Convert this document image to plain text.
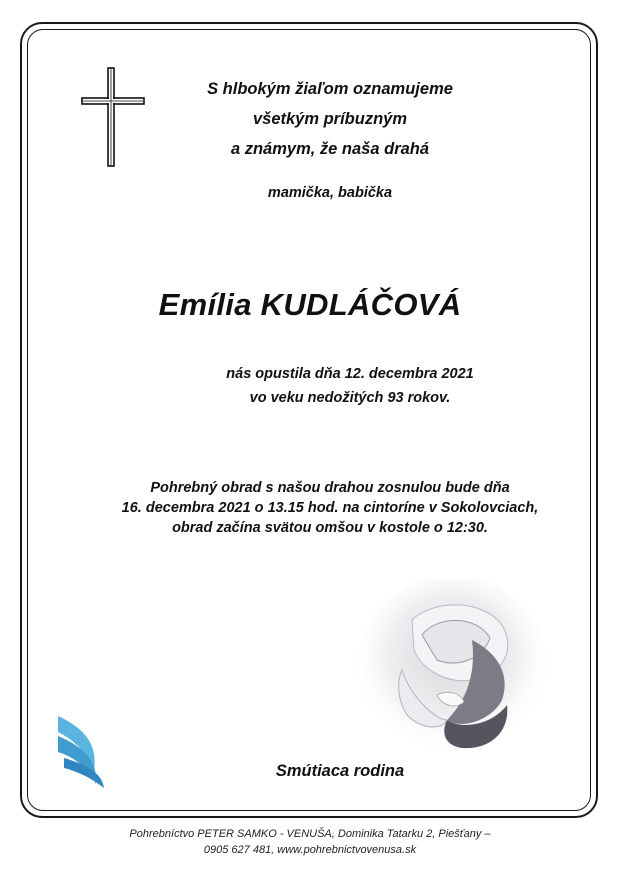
S hlbokým žiaľom oznamujeme
všetkým príbuzným
a známym, že naša drahá
mamička, babička
Emília KUDLÁČOVÁ
nás opustila dňa 12. decembra 2021
vo veku nedožitých 93 rokov.
Pohrebný obrad s našou drahou zosnulou bude dňa
16. decembra 2021 o 13.15 hod. na cintoríne v Sokolovciach,
obrad začína svätou omšou v kostole o 12:30.
Smútiaca rodina
Pohrebníctvo PETER SAMKO - VENUŠA, Dominika Tatarku 2, Piešťany –
0905 627 481, www.pohrebnictvovenusa.sk
